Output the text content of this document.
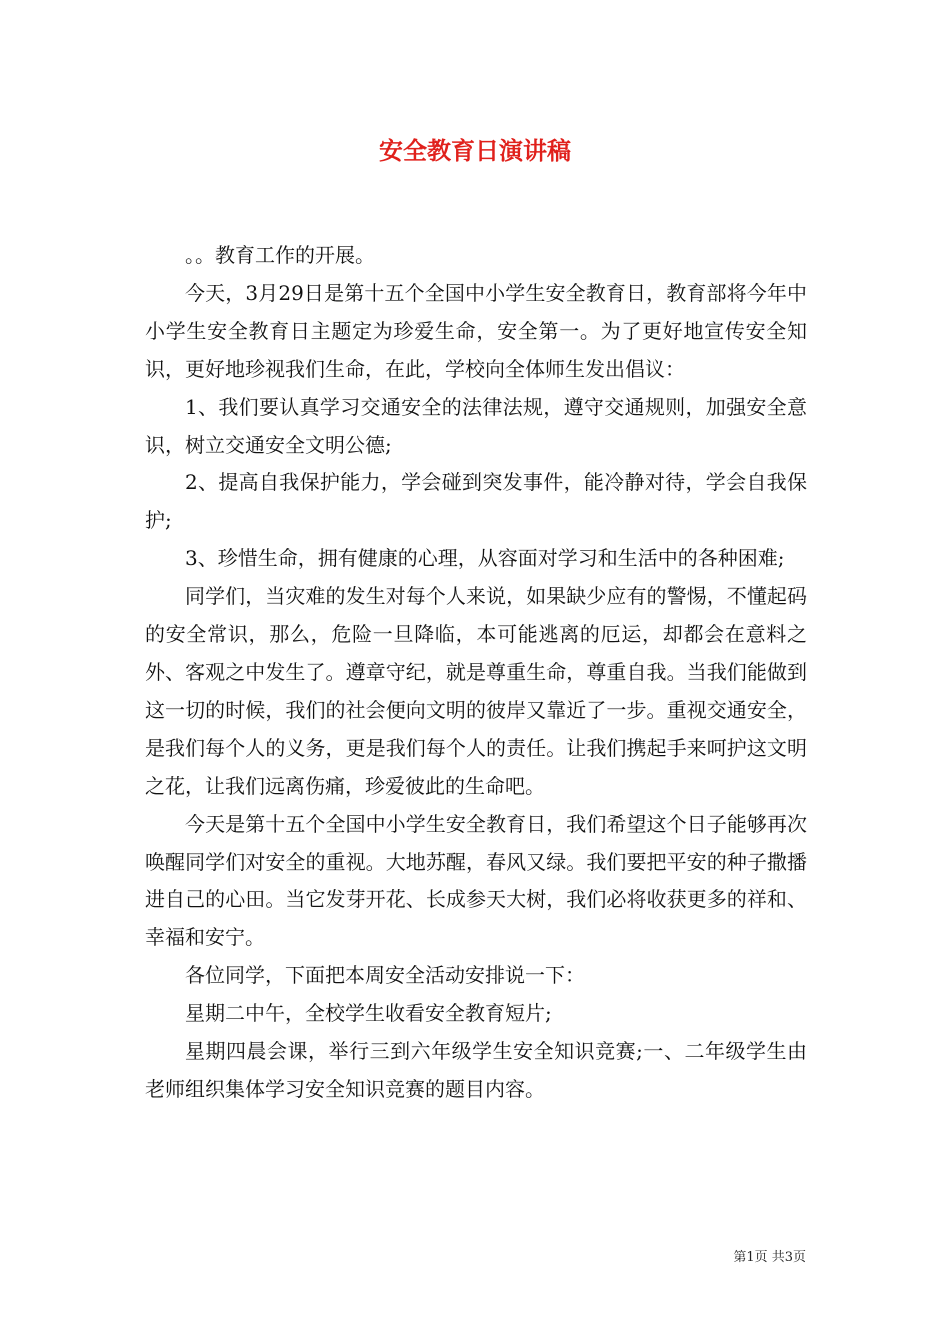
安全教育日演讲稿

。。教育工作的开展。

今天，3月29日是第十五个全国中小学生安全教育日，教育部将今年中小学生安全教育日主题定为珍爱生命，安全第一。为了更好地宣传安全知识，更好地珍视我们生命，在此，学校向全体师生发出倡议：

1、我们要认真学习交通安全的法律法规，遵守交通规则，加强安全意识，树立交通安全文明公德;

2、提高自我保护能力，学会碰到突发事件，能冷静对待，学会自我保护;

3、珍惜生命，拥有健康的心理，从容面对学习和生活中的各种困难;

同学们，当灾难的发生对每个人来说，如果缺少应有的警惕，不懂起码的安全常识，那么，危险一旦降临，本可能逃离的厄运，却都会在意料之外、客观之中发生了。遵章守纪，就是尊重生命，尊重自我。当我们能做到这一切的时候，我们的社会便向文明的彼岸又靠近了一步。重视交通安全，是我们每个人的义务，更是我们每个人的责任。让我们携起手来呵护这文明之花，让我们远离伤痛，珍爱彼此的生命吧。

今天是第十五个全国中小学生安全教育日，我们希望这个日子能够再次唤醒同学们对安全的重视。大地苏醒，春风又绿。我们要把平安的种子撒播进自己的心田。当它发芽开花、长成参天大树，我们必将收获更多的祥和、幸福和安宁。

各位同学，下面把本周安全活动安排说一下：

星期二中午，全校学生收看安全教育短片;

星期四晨会课，举行三到六年级学生安全知识竞赛;一、二年级学生由老师组织集体学习安全知识竞赛的题目内容。

第1页 共3页
